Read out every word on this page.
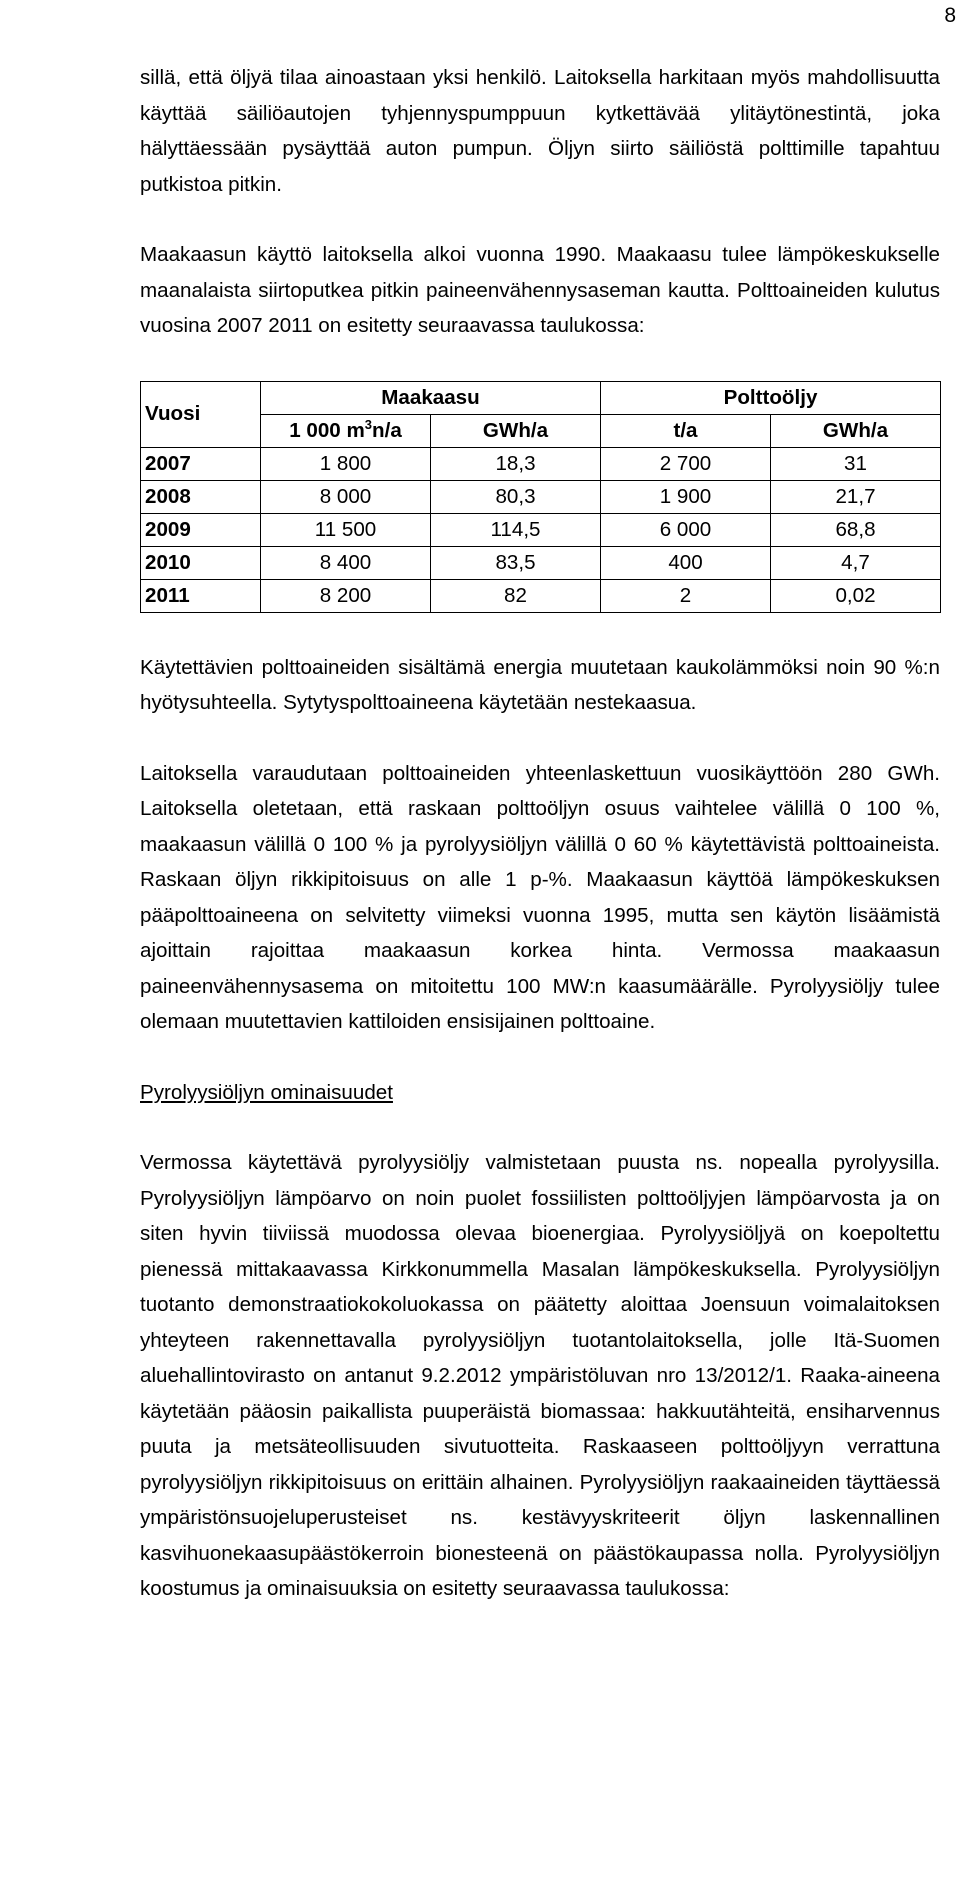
8

sillä, että öljyä tilaa ainoastaan yksi henkilö. Laitoksella harkitaan myös mahdollisuutta käyttää säiliöautojen tyhjennyspumppuun kytkettävää ylitäytönestintä, joka hälyttäessään pysäyttää auton pumpun. Öljyn siirto säiliöstä polttimille tapahtuu putkistoa pitkin.

Maakaasun käyttö laitoksella alkoi vuonna 1990. Maakaasu tulee lämpökeskukselle maanalaista siirtoputkea pitkin paineenvähennysaseman kautta. Polttoaineiden kulutus vuosina 2007 2011 on esitetty seuraavassa taulukossa:

Vuosi	Maakaasu		Polttoöljy	
	1 000 $m^3n/a$	GWh/a	t/a	GWh/a
2007	1 800	18,3	2 700	31
2008	8 000	80,3	1 900	21,7
2009	11 500	114,5	6 000	68,8
2010	8 400	83,5	400	4,7
2011	8 200	82	2	0,02

Käytettävien polttoaineiden sisältämä energia muutetaan kaukolämmöksi noin 90 %:n hyötysuhteella. Sytytyspolttoaineena käytetään nestekaasua.

Laitoksella varaudutaan polttoaineiden yhteenlaskettuun vuosikäyttöön 280 GWh. Laitoksella oletetaan, että raskaan polttoöljyn osuus vaihtelee välillä 0 100 %, maakaasun välillä 0 100 % ja pyrolyysiöljyn välillä 0 60 % käytettävistä polttoaineista. Raskaan öljyn rikkipitoisuus on alle 1 p-%. Maakaasun käyttöä lämpökeskuksen pääpolttoaineena on selvitetty viimeksi vuonna 1995, mutta sen käytön lisäämistä ajoittain rajoittaa maakaasun korkea hinta. Vermossa maakaasun paineenvähennysasema on mitoitettu 100 MW:n kaasumäärälle. Pyrolyysiöljy tulee olemaan muutettavien kattiloiden ensisijainen polttoaine.

Pyrolyysiöljyn ominaisuudet

Vermossa käytettävä pyrolyysiöljy valmistetaan puusta ns. nopealla pyrolyysilla. Pyrolyysiöljyn lämpöarvo on noin puolet fossiilisten polttoöljyjen lämpöarvosta ja on siten hyvin tiiviissä muodossa olevaa bioenergiaa. Pyrolyysiöljyä on koepoltettu pienessä mittakaavassa Kirkkonummella Masalan lämpökeskuksella. Pyrolyysiöljyn tuotanto demonstraatiokokoluokassa on päätetty aloittaa Joensuun voimalaitoksen yhteyteen rakennettavalla pyrolyysiöljyn tuotantolaitoksella, jolle Itä-Suomen aluehallintovirasto on antanut 9.2.2012 ympäristöluvan nro 13/2012/1. Raaka-aineena käytetään pääosin paikallista puuperäistä biomassaa: hakkuutähteitä, ensiharvennus puuta ja metsäteollisuuden sivutuotteita. Raskaaseen polttoöljyyn verrattuna pyrolyysiöljyn rikkipitoisuus on erittäin alhainen. Pyrolyysiöljyn raakaaineiden täyttäessä ympäristönsuojeluperusteiset ns. kestävyyskriteerit öljyn laskennallinen kasvihuonekaasupäästökerroin bionesteenä on päästökaupassa nolla. Pyrolyysiöljyn koostumus ja ominaisuuksia on esitetty seuraavassa taulukossa:
